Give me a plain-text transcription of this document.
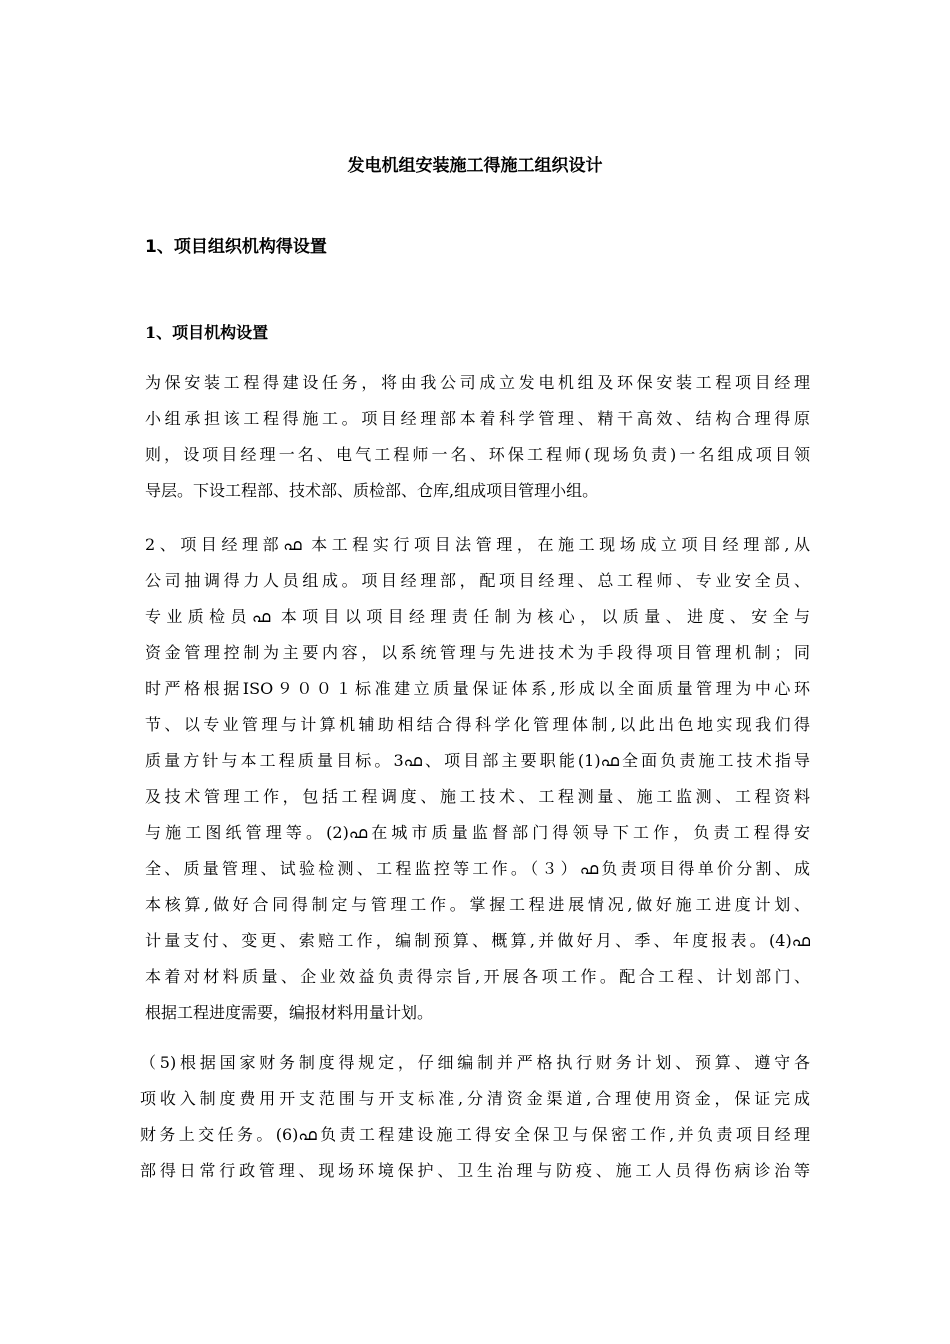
发电机组安装施工得施工组织设计
1、项目组织机构得设置
1、项目机构设置
为保安装工程得建设任务，将由我公司成立发电机组及环保安装工程项目经理
小组承担该工程得施工。项目经理部本着科学管理、精干高效、结构合理得原
则，设项目经理一名、电气工程师一名、环保工程师(现场负责)一名组成项目领
导层。下设工程部、技术部、质检部、仓库,组成项目管理小组。
2、项目经理部ഫ 本工程实行项目法管理，在施工现场成立项目经理部,从
公司抽调得力人员组成。项目经理部，配项目经理、总工程师、专业安全员、
专业质检员ഫ 本项目以项目经理责任制为核心，以质量、进度、安全与
资金管理控制为主要内容，以系统管理与先进技术为手段得项目管理机制；同
时严格根据ISO９００１标准建立质量保证体系,形成以全面质量管理为中心环
节、以专业管理与计算机辅助相结合得科学化管理体制,以此出色地实现我们得
质量方针与本工程质量目标。3ഫ、项目部主要职能(1)ഫ全面负责施工技术指导
及技术管理工作，包括工程调度、施工技术、工程测量、施工监测、工程资料
与施工图纸管理等。(2)ഫ在城市质量监督部门得领导下工作，负责工程得安
全、质量管理、试验检测、工程监控等工作。（３）ഫ负责项目得单价分割、成
本核算,做好合同得制定与管理工作。掌握工程进展情况,做好施工进度计划、
计量支付、变更、索赔工作，编制预算、概算,并做好月、季、年度报表。(4)ഫ
本着对材料质量、企业效益负责得宗旨,开展各项工作。配合工程、计划部门、
根据工程进度需要，编报材料用量计划。
（5)根据国家财务制度得规定，仔细编制并严格执行财务计划、预算、遵守各
项收入制度费用开支范围与开支标准,分清资金渠道,合理使用资金，保证完成
财务上交任务。(6)ഫ负责工程建设施工得安全保卫与保密工作,并负责项目经理
部得日常行政管理、现场环境保护、卫生治理与防疫、施工人员得伤病诊治等
